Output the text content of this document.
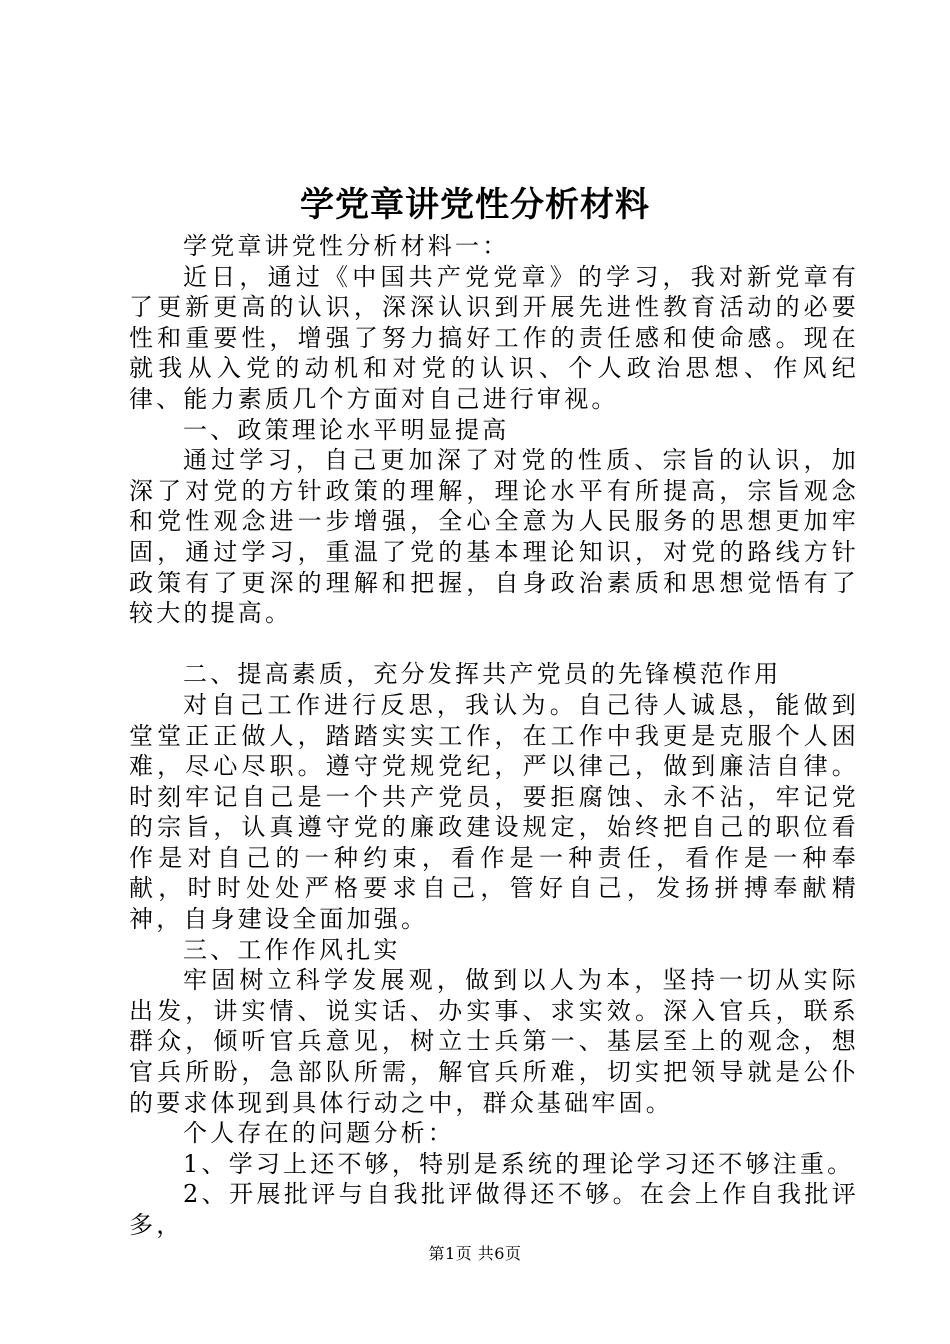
学党章讲党性分析材料

学党章讲党性分析材料一：

近日，通过《中国共产党党章》的学习，我对新党章有了更新更高的认识，深深认识到开展先进性教育活动的必要性和重要性，增强了努力搞好工作的责任感和使命感。现在就我从入党的动机和对党的认识、个人政治思想、作风纪律、能力素质几个方面对自己进行审视。

一、政策理论水平明显提高

通过学习，自己更加深了对党的性质、宗旨的认识，加深了对党的方针政策的理解，理论水平有所提高，宗旨观念和党性观念进一步增强，全心全意为人民服务的思想更加牢固，通过学习，重温了党的基本理论知识，对党的路线方针政策有了更深的理解和把握，自身政治素质和思想觉悟有了较大的提高。

二、提高素质，充分发挥共产党员的先锋模范作用

对自己工作进行反思，我认为。自己待人诚恳，能做到堂堂正正做人，踏踏实实工作，在工作中我更是克服个人困难，尽心尽职。遵守党规党纪，严以律己，做到廉洁自律。时刻牢记自己是一个共产党员，要拒腐蚀、永不沾，牢记党的宗旨，认真遵守党的廉政建设规定，始终把自己的职位看作是对自己的一种约束，看作是一种责任，看作是一种奉献，时时处处严格要求自己，管好自己，发扬拼搏奉献精神，自身建设全面加强。

三、工作作风扎实

牢固树立科学发展观，做到以人为本，坚持一切从实际出发，讲实情、说实话、办实事、求实效。深入官兵，联系群众，倾听官兵意见，树立士兵第一、基层至上的观念，想官兵所盼，急部队所需，解官兵所难，切实把领导就是公仆的要求体现到具体行动之中，群众基础牢固。

个人存在的问题分析：

1、学习上还不够，特别是系统的理论学习还不够注重。

2、开展批评与自我批评做得还不够。在会上作自我批评多，

第1页 共6页
